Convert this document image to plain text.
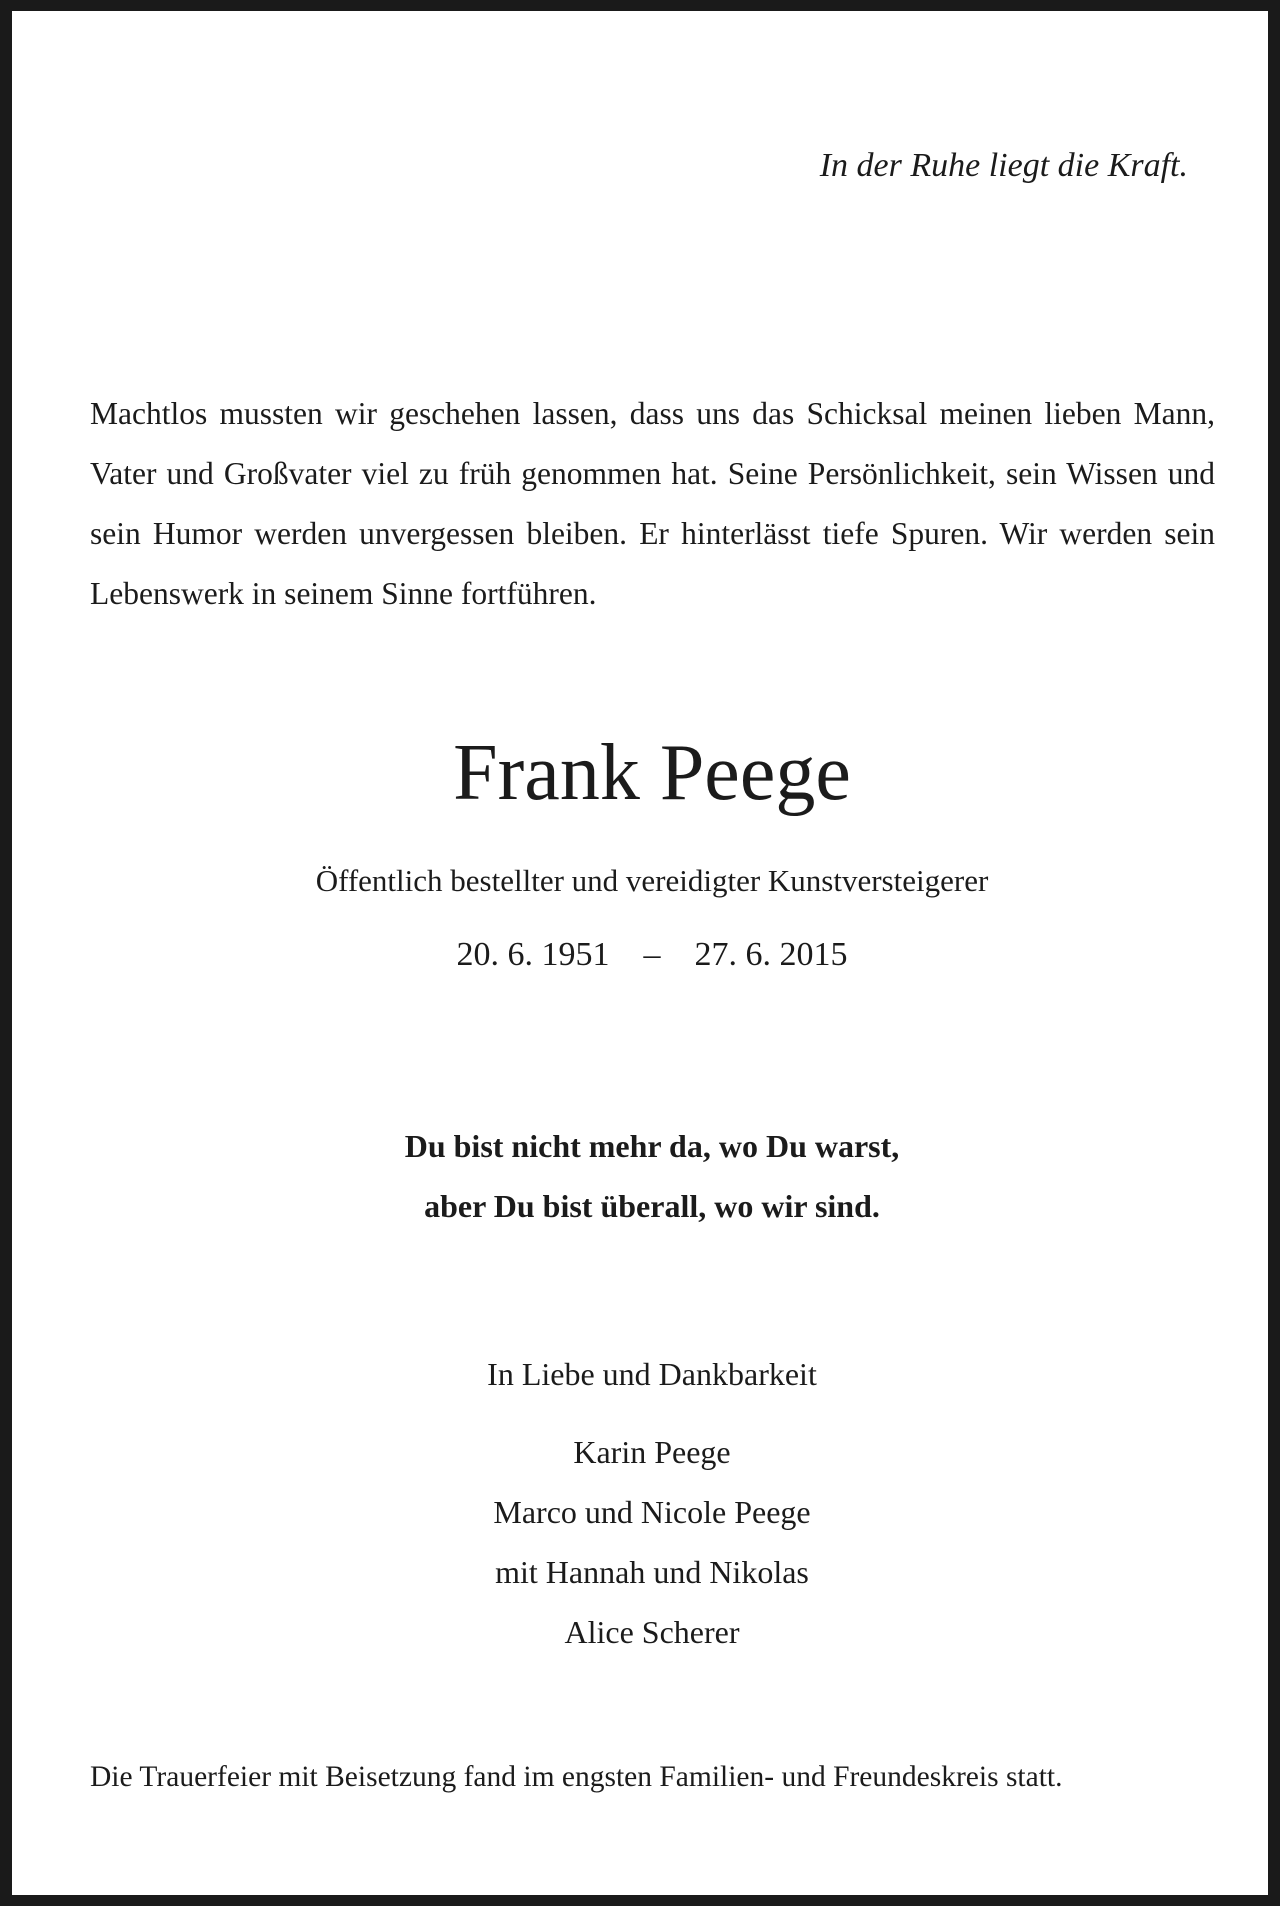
In der Ruhe liegt die Kraft.

Machtlos mussten wir geschehen lassen, dass uns das Schicksal meinen lieben Mann, Vater und Großvater viel zu früh genommen hat. Seine Persönlichkeit, sein Wissen und sein Humor werden unvergessen bleiben. Er hinterlässt tiefe Spuren. Wir werden sein Lebenswerk in seinem Sinne fortführen.

Frank Peege
Öffentlich bestellter und vereidigter Kunstversteigerer
20. 6. 1951 – 27. 6. 2015
Du bist nicht mehr da, wo Du warst,
aber Du bist überall, wo wir sind.
In Liebe und Dankbarkeit
Karin Peege
Marco und Nicole Peege
mit Hannah und Nikolas
Alice Scherer

Die Trauerfeier mit Beisetzung fand im engsten Familien- und Freundeskreis statt.
